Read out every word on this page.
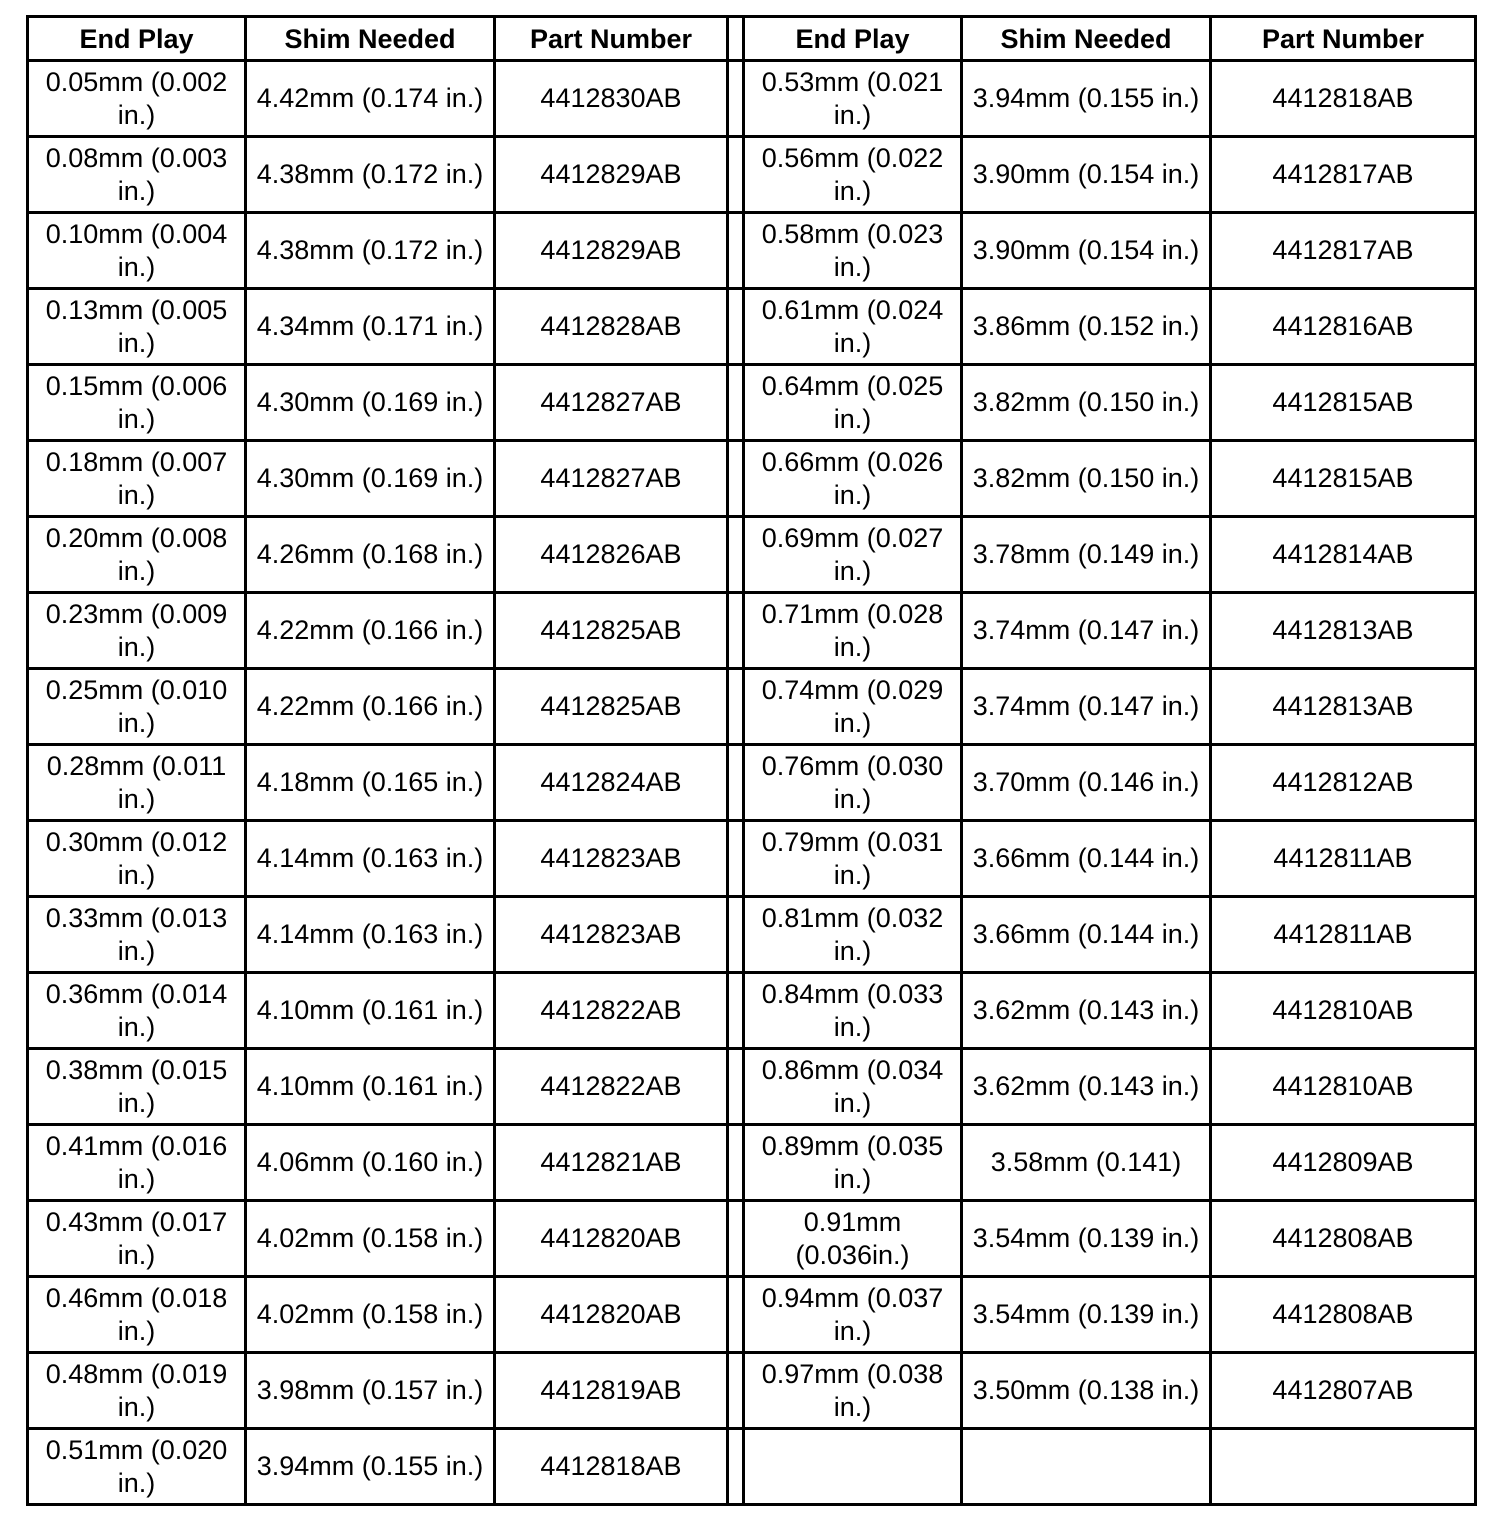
End Play	Shim Needed	Part Number		End Play	Shim Needed	Part Number
0.05mm (0.002 in.)	4.42mm (0.174 in.)	4412830AB		0.53mm (0.021 in.)	3.94mm (0.155 in.)	4412818AB
0.08mm (0.003 in.)	4.38mm (0.172 in.)	4412829AB		0.56mm (0.022 in.)	3.90mm (0.154 in.)	4412817AB
0.10mm (0.004 in.)	4.38mm (0.172 in.)	4412829AB		0.58mm (0.023 in.)	3.90mm (0.154 in.)	4412817AB
0.13mm (0.005 in.)	4.34mm (0.171 in.)	4412828AB		0.61mm (0.024 in.)	3.86mm (0.152 in.)	4412816AB
0.15mm (0.006 in.)	4.30mm (0.169 in.)	4412827AB		0.64mm (0.025 in.)	3.82mm (0.150 in.)	4412815AB
0.18mm (0.007 in.)	4.30mm (0.169 in.)	4412827AB		0.66mm (0.026 in.)	3.82mm (0.150 in.)	4412815AB
0.20mm (0.008 in.)	4.26mm (0.168 in.)	4412826AB		0.69mm (0.027 in.)	3.78mm (0.149 in.)	4412814AB
0.23mm (0.009 in.)	4.22mm (0.166 in.)	4412825AB		0.71mm (0.028 in.)	3.74mm (0.147 in.)	4412813AB
0.25mm (0.010 in.)	4.22mm (0.166 in.)	4412825AB		0.74mm (0.029 in.)	3.74mm (0.147 in.)	4412813AB
0.28mm (0.011 in.)	4.18mm (0.165 in.)	4412824AB		0.76mm (0.030 in.)	3.70mm (0.146 in.)	4412812AB
0.30mm (0.012 in.)	4.14mm (0.163 in.)	4412823AB		0.79mm (0.031 in.)	3.66mm (0.144 in.)	4412811AB
0.33mm (0.013 in.)	4.14mm (0.163 in.)	4412823AB		0.81mm (0.032 in.)	3.66mm (0.144 in.)	4412811AB
0.36mm (0.014 in.)	4.10mm (0.161 in.)	4412822AB		0.84mm (0.033 in.)	3.62mm (0.143 in.)	4412810AB
0.38mm (0.015 in.)	4.10mm (0.161 in.)	4412822AB		0.86mm (0.034 in.)	3.62mm (0.143 in.)	4412810AB
0.41mm (0.016 in.)	4.06mm (0.160 in.)	4412821AB		0.89mm (0.035 in.)	3.58mm (0.141)	4412809AB
0.43mm (0.017 in.)	4.02mm (0.158 in.)	4412820AB		0.91mm (0.036in.)	3.54mm (0.139 in.)	4412808AB
0.46mm (0.018 in.)	4.02mm (0.158 in.)	4412820AB		0.94mm (0.037 in.)	3.54mm (0.139 in.)	4412808AB
0.48mm (0.019 in.)	3.98mm (0.157 in.)	4412819AB		0.97mm (0.038 in.)	3.50mm (0.138 in.)	4412807AB
0.51mm (0.020 in.)	3.94mm (0.155 in.)	4412818AB				
